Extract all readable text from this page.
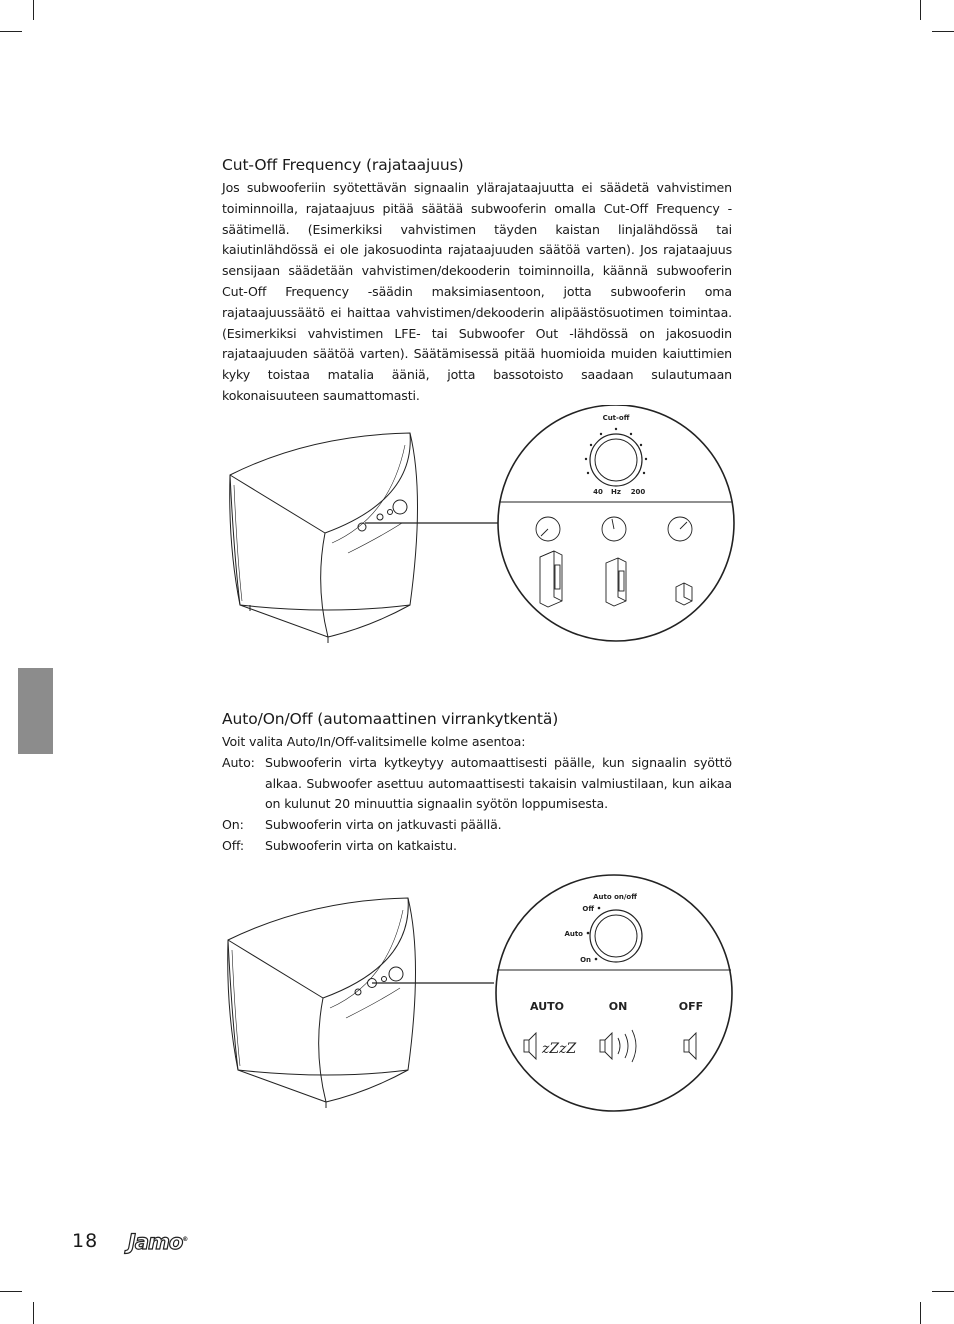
Cut-Off Frequency (rajataajuus)

Jos subwooferiin syötettävän signaalin ylärajataajuutta ei säädetä vahvistimen toiminnoilla, rajataajuus pitää säätää subwooferin omalla Cut-Off Frequency -säätimellä. (Esimerkiksi vahvistimen täyden kaistan linjalähdössä tai kaiutinlähdössä ei ole jakosuodinta rajataajuuden säätöä varten). Jos rajataajuus sensijaan säädetään vahvistimen/dekooderin toiminnoilla, käännä subwooferin Cut-Off Frequency -säädin maksimiasentoon, jotta subwooferin oma rajataajuussäätö ei haittaa vahvistimen/dekooderin alipäästösuotimen toimintaa. (Esimerkiksi vahvistimen LFE- tai Subwoofer Out -lähdössä on jakosuodin rajataajuuden säätöä varten). Säätämisessä pitää huomioida muiden kaiuttimien kyky toistaa matalia ääniä, jotta bassotoisto saadaan sulautumaan kokonaisuuteen saumattomasti.

Cut-off
40 Hz 200
Auto/On/Off (automaattinen virrankytkentä)
Voit valita Auto/In/Off-valitsimelle kolme asentoa:
Auto: Subwooferin virta kytkeytyy automaattisesti päälle, kun signaalin syöttö alkaa. Subwoofer asettuu automaattisesti takaisin valmiustilaan, kun aikaa on kulunut 20 minuuttia signaalin syötön loppumisesta.
On:	Subwooferin virta on jatkuvasti päällä.
Off:	Subwooferin virta on katkaistu.
Auto on/off
Off
Auto
On
AUTO	ON	OFF
zZzZ
18 Jamo®
